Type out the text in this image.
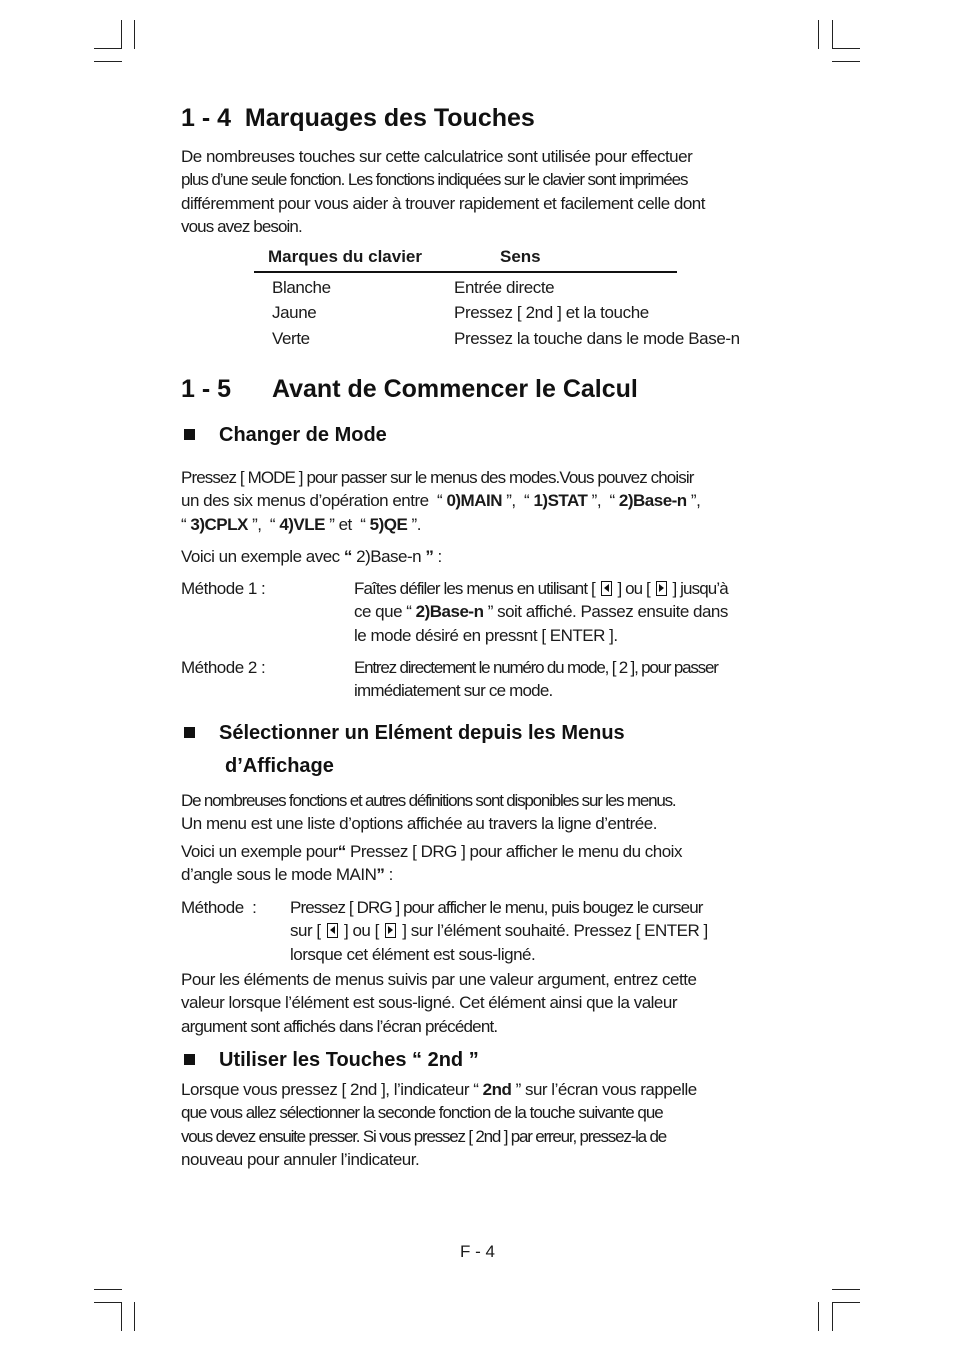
1 - 4  Marquages des Touches
De nombreuses touches sur cette calculatrice sont utilisée pour effectuer
plus d’une seule fonction. Les fonctions indiquées sur le clavier sont imprimées
différemment pour vous aider à trouver rapidement et facilement celle dont
vous avez besoin.
Marques du clavier	Sens
Blanche	Entrée directe
Jaune	Pressez [ 2nd ] et la touche
Verte	Pressez la touche dans le mode Base-n
1 - 5 Avant de Commencer le Calcul
Changer de Mode
Pressez [ MODE ] pour passer sur le menus des modes.Vous pouvez choisir
un des six menus d’opération entre  “ 0)MAIN ”,  “ 1)STAT ”,  “ 2)Base-n ”,
“ 3)CPLX ”,  “ 4)VLE ” et  “ 5)QE ”.
Voici un exemple avec “ 2)Base-n ” :
Méthode 1 :	Faîtes défiler les menus en utilisant [
] ou [
] jusqu’à
ce que “ 2)Base-n ” soit affiché. Passez ensuite dans
le mode désiré en pressnt [ ENTER ].
Méthode 2 :	Entrez directement le numéro du mode, [ 2 ], pour passer
immédiatement sur ce mode.
Sélectionner un Elément depuis les Menus
d’Affichage
De nombreuses fonctions et autres définitions sont disponibles sur les menus.
Un menu est une liste d’options affichée au travers la ligne d’entrée.
Voici un exemple pour“ Pressez [ DRG ] pour afficher le menu du choix
d’angle sous le mode MAIN” :
Méthode  :	Pressez [ DRG ] pour afficher le menu, puis bougez le curseur
sur [
] ou [
] sur l’élément souhaité. Pressez [ ENTER ]
lorsque cet élément est sous-ligné.
Pour les éléments de menus suivis par une valeur argument, entrez cette
valeur lorsque l’élément est sous-ligné. Cet élément ainsi que la valeur
argument sont affichés dans l’écran précédent.
Utiliser les Touches “ 2nd ”
Lorsque vous pressez [ 2nd ], l’indicateur “ 2nd ” sur l’écran vous rappelle
que vous allez sélectionner la seconde fonction de la touche suivante que
vous devez ensuite presser. Si vous pressez [ 2nd ] par erreur, pressez-la de
nouveau pour annuler l’indicateur.
F - 4
